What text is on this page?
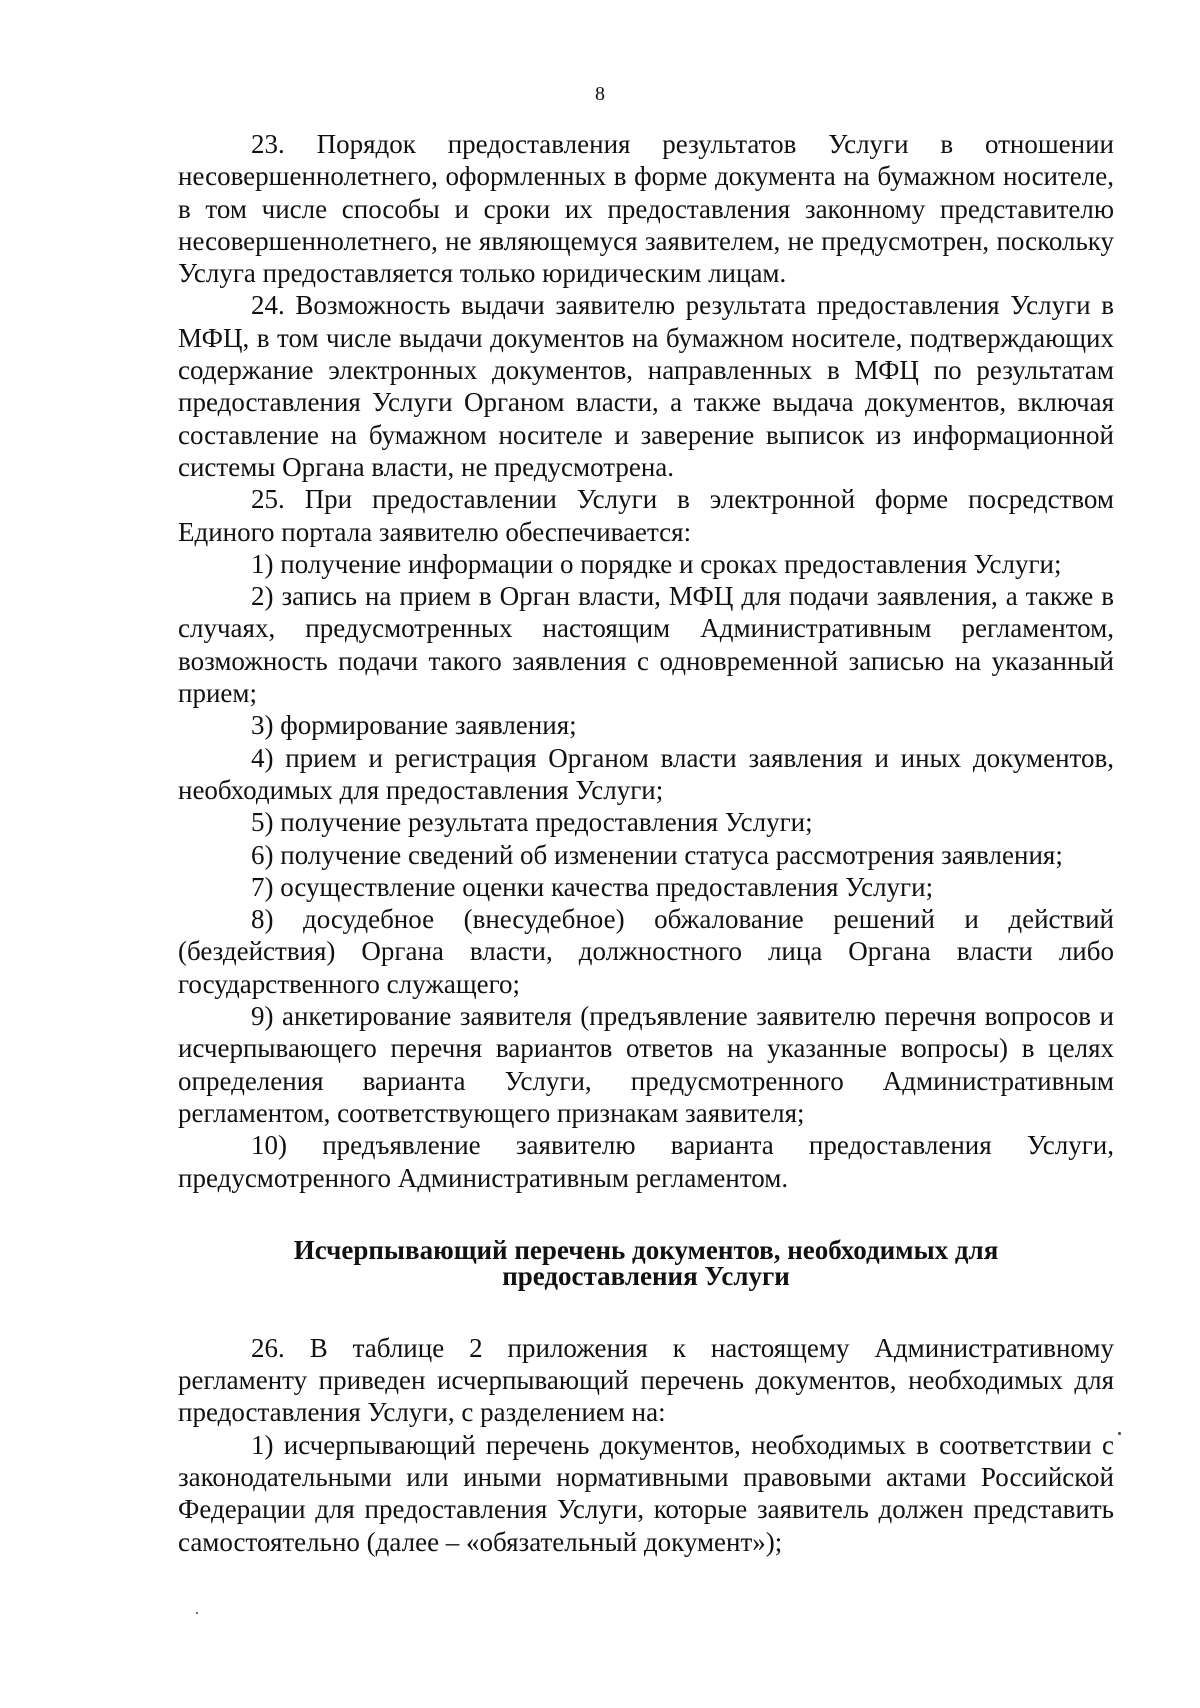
8

23. Порядок предоставления результатов Услуги в отношении несовершеннолетнего, оформленных в форме документа на бумажном носителе, в том числе способы и сроки их предоставления законному представителю несовершеннолетнего, не являющемуся заявителем, не предусмотрен, поскольку Услуга предоставляется только юридическим лицам.

24. Возможность выдачи заявителю результата предоставления Услуги в МФЦ, в том числе выдачи документов на бумажном носителе, подтверждающих содержание электронных документов, направленных в МФЦ по результатам предоставления Услуги Органом власти, а также выдача документов, включая составление на бумажном носителе и заверение выписок из информационной системы Органа власти, не предусмотрена.

25. При предоставлении Услуги в электронной форме посредством Единого портала заявителю обеспечивается:

1) получение информации о порядке и сроках предоставления Услуги;

2) запись на прием в Орган власти, МФЦ для подачи заявления, а также в случаях, предусмотренных настоящим Административным регламентом, возможность подачи такого заявления с одновременной записью на указанный прием;

3) формирование заявления;

4) прием и регистрация Органом власти заявления и иных документов, необходимых для предоставления Услуги;

5) получение результата предоставления Услуги;

6) получение сведений об изменении статуса рассмотрения заявления;

7) осуществление оценки качества предоставления Услуги;

8) досудебное (внесудебное) обжалование решений и действий (бездействия) Органа власти, должностного лица Органа власти либо государственного служащего;

9) анкетирование заявителя (предъявление заявителю перечня вопросов и исчерпывающего перечня вариантов ответов на указанные вопросы) в целях определения варианта Услуги, предусмотренного Административным регламентом, соответствующего признакам заявителя;

10) предъявление заявителю варианта предоставления Услуги, предусмотренного Административным регламентом.

Исчерпывающий перечень документов, необходимых для предоставления Услуги

26. В таблице 2 приложения к настоящему Административному регламенту приведен исчерпывающий перечень документов, необходимых для предоставления Услуги, с разделением на:

1) исчерпывающий перечень документов, необходимых в соответствии с законодательными или иными нормативными правовыми актами Российской Федерации для предоставления Услуги, которые заявитель должен представить самостоятельно (далее – «обязательный документ»);
